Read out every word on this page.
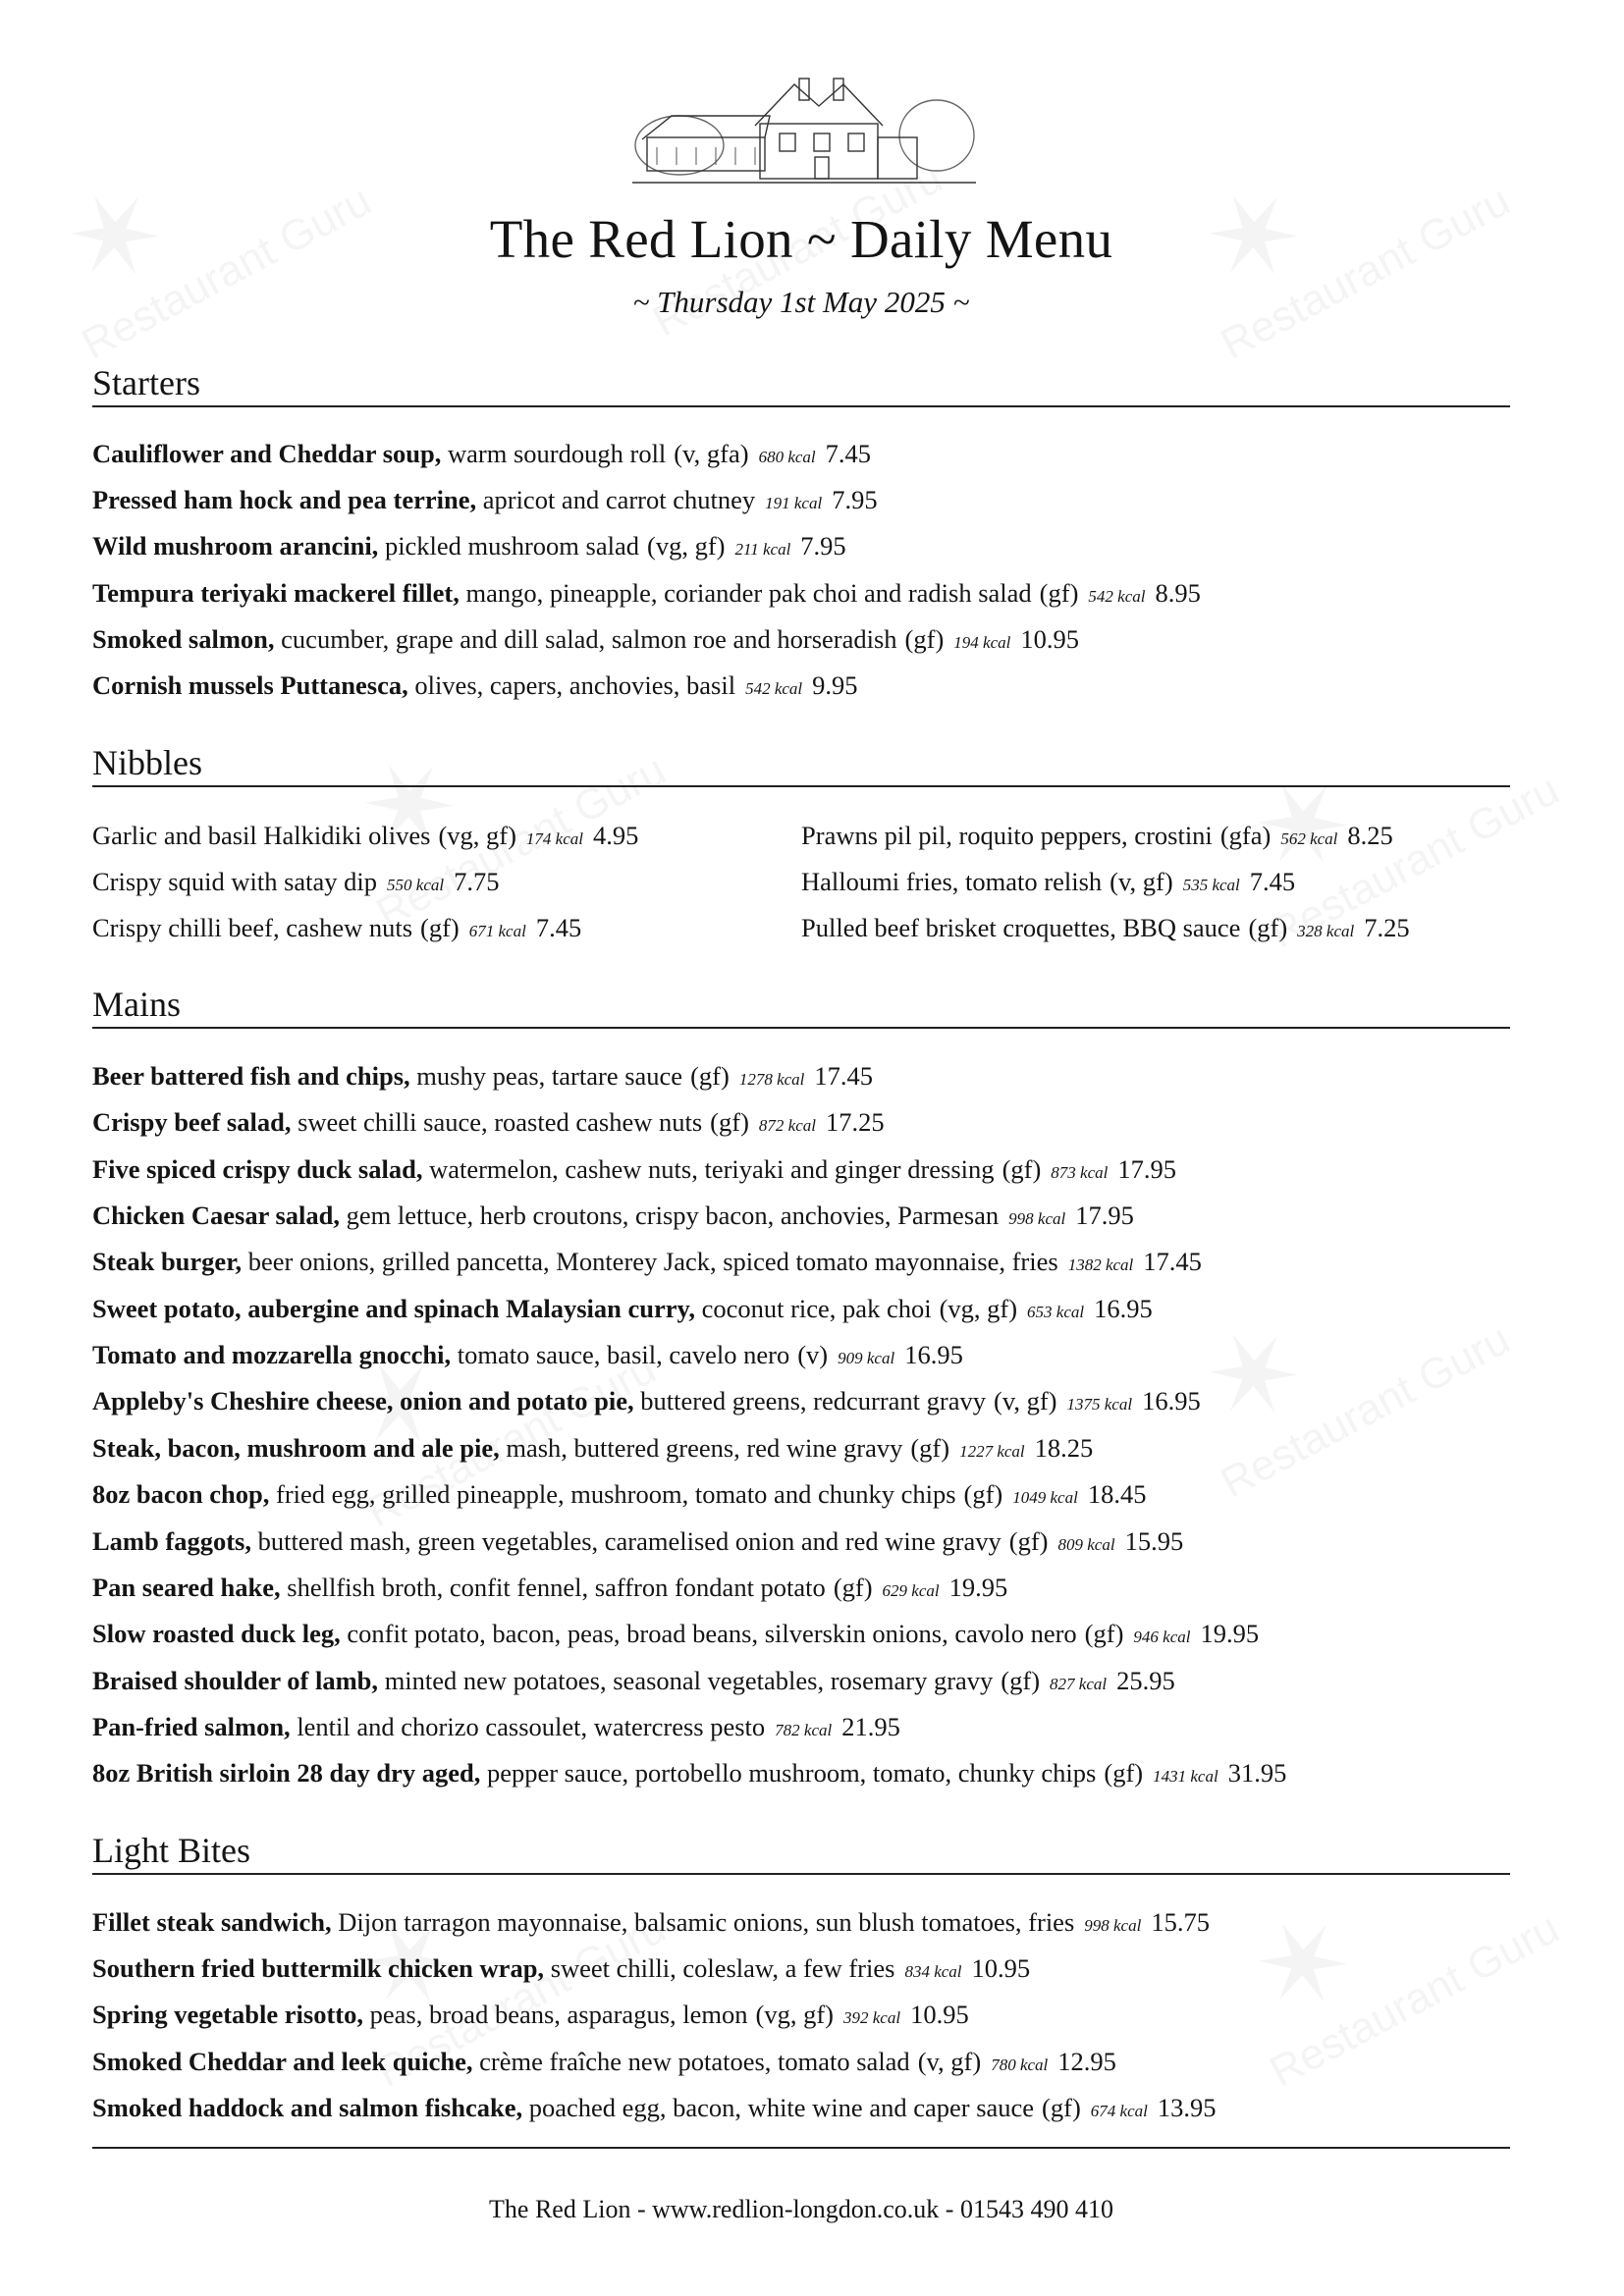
The Red Lion ~ Daily Menu
~ Thursday 1st May 2025 ~
Starters
Cauliflower and Cheddar soup, warm sourdough roll (v, gfa) 680 kcal 7.45
Pressed ham hock and pea terrine, apricot and carrot chutney 191 kcal 7.95
Wild mushroom arancini, pickled mushroom salad (vg, gf) 211 kcal 7.95
Tempura teriyaki mackerel fillet, mango, pineapple, coriander pak choi and radish salad (gf) 542 kcal 8.95
Smoked salmon, cucumber, grape and dill salad, salmon roe and horseradish (gf) 194 kcal 10.95
Cornish mussels Puttanesca, olives, capers, anchovies, basil 542 kcal 9.95
Nibbles
Garlic and basil Halkidiki olives (vg, gf) 174 kcal 4.95
Crispy squid with satay dip 550 kcal 7.75
Crispy chilli beef, cashew nuts (gf) 671 kcal 7.45
Prawns pil pil, roquito peppers, crostini (gfa) 562 kcal 8.25
Halloumi fries, tomato relish (v, gf) 535 kcal 7.45
Pulled beef brisket croquettes, BBQ sauce (gf) 328 kcal 7.25
Mains
Beer battered fish and chips, mushy peas, tartare sauce (gf) 1278 kcal 17.45
Crispy beef salad, sweet chilli sauce, roasted cashew nuts (gf) 872 kcal 17.25
Five spiced crispy duck salad, watermelon, cashew nuts, teriyaki and ginger dressing (gf) 873 kcal 17.95
Chicken Caesar salad, gem lettuce, herb croutons, crispy bacon, anchovies, Parmesan 998 kcal 17.95
Steak burger, beer onions, grilled pancetta, Monterey Jack, spiced tomato mayonnaise, fries 1382 kcal 17.45
Sweet potato, aubergine and spinach Malaysian curry, coconut rice, pak choi (vg, gf) 653 kcal 16.95
Tomato and mozzarella gnocchi, tomato sauce, basil, cavelo nero (v) 909 kcal 16.95
Appleby's Cheshire cheese, onion and potato pie, buttered greens, redcurrant gravy (v, gf) 1375 kcal 16.95
Steak, bacon, mushroom and ale pie, mash, buttered greens, red wine gravy (gf) 1227 kcal 18.25
8oz bacon chop, fried egg, grilled pineapple, mushroom, tomato and chunky chips (gf) 1049 kcal 18.45
Lamb faggots, buttered mash, green vegetables, caramelised onion and red wine gravy (gf) 809 kcal 15.95
Pan seared hake, shellfish broth, confit fennel, saffron fondant potato (gf) 629 kcal 19.95
Slow roasted duck leg, confit potato, bacon, peas, broad beans, silverskin onions, cavolo nero (gf) 946 kcal 19.95
Braised shoulder of lamb, minted new potatoes, seasonal vegetables, rosemary gravy (gf) 827 kcal 25.95
Pan-fried salmon, lentil and chorizo cassoulet, watercress pesto 782 kcal 21.95
8oz British sirloin 28 day dry aged, pepper sauce, portobello mushroom, tomato, chunky chips (gf) 1431 kcal 31.95
Light Bites
Fillet steak sandwich, Dijon tarragon mayonnaise, balsamic onions, sun blush tomatoes, fries 998 kcal 15.75
Southern fried buttermilk chicken wrap, sweet chilli, coleslaw, a few fries 834 kcal 10.95
Spring vegetable risotto, peas, broad beans, asparagus, lemon (vg, gf) 392 kcal 10.95
Smoked Cheddar and leek quiche, crème fraîche new potatoes, tomato salad (v, gf) 780 kcal 12.95
Smoked haddock and salmon fishcake, poached egg, bacon, white wine and caper sauce (gf) 674 kcal 13.95
The Red Lion - www.redlion-longdon.co.uk - 01543 490 410
